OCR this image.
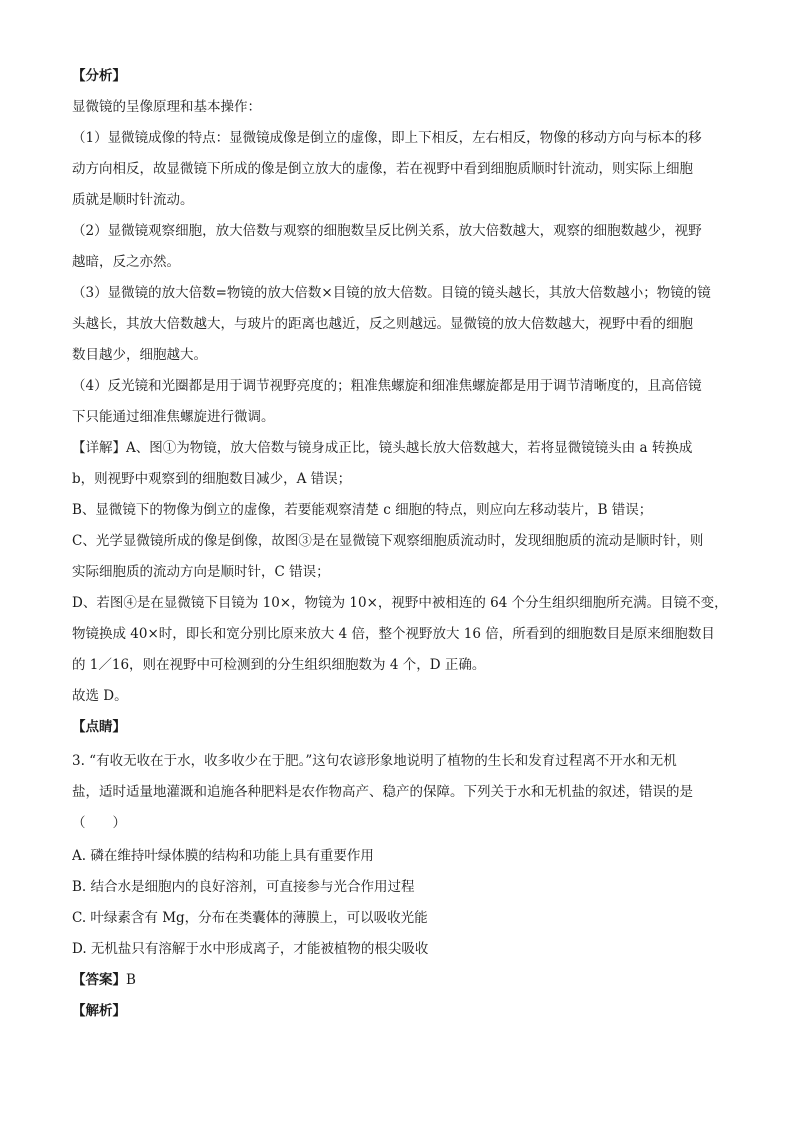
【分析】
显微镜的呈像原理和基本操作：
（1）显微镜成像的特点：显微镜成像是倒立的虚像，即上下相反，左右相反，物像的移动方向与标本的移
动方向相反，故显微镜下所成的像是倒立放大的虚像，若在视野中看到细胞质顺时针流动，则实际上细胞
质就是顺时针流动。
（2）显微镜观察细胞，放大倍数与观察的细胞数呈反比例关系，放大倍数越大，观察的细胞数越少，视野
越暗，反之亦然。
（3）显微镜的放大倍数=物镜的放大倍数×目镜的放大倍数。目镜的镜头越长，其放大倍数越小；物镜的镜
头越长，其放大倍数越大，与玻片的距离也越近，反之则越远。显微镜的放大倍数越大，视野中看的细胞
数目越少，细胞越大。
（4）反光镜和光圈都是用于调节视野亮度的；粗准焦螺旋和细准焦螺旋都是用于调节清晰度的，且高倍镜
下只能通过细准焦螺旋进行微调。
【详解】A、图①为物镜，放大倍数与镜身成正比，镜头越长放大倍数越大，若将显微镜镜头由 a 转换成
b，则视野中观察到的细胞数目减少，A 错误；
B、显微镜下的物像为倒立的虚像，若要能观察清楚 c 细胞的特点，则应向左移动装片，B 错误；
C、光学显微镜所成的像是倒像，故图③是在显微镜下观察细胞质流动时，发现细胞质的流动是顺时针，则
实际细胞质的流动方向是顺时针，C 错误；
D、若图④是在显微镜下目镜为 10×，物镜为 10×，视野中被相连的 64 个分生组织细胞所充满。目镜不变，
物镜换成 40×时，即长和宽分别比原来放大 4 倍，整个视野放大 16 倍，所看到的细胞数目是原来细胞数目
的 1／16，则在视野中可检测到的分生组织细胞数为 4 个，D 正确。
故选 D。
【点睛】
3. “有收无收在于水，收多收少在于肥。”这句农谚形象地说明了植物的生长和发育过程离不开水和无机
盐，适时适量地灌溉和追施各种肥料是农作物高产、稳产的保障。下列关于水和无机盐的叙述，错误的是
（　　）
A. 磷在维持叶绿体膜的结构和功能上具有重要作用
B. 结合水是细胞内的良好溶剂，可直接参与光合作用过程
C. 叶绿素含有 Mg，分布在类囊体的薄膜上，可以吸收光能
D. 无机盐只有溶解于水中形成离子，才能被植物的根尖吸收
【答案】B
【解析】
